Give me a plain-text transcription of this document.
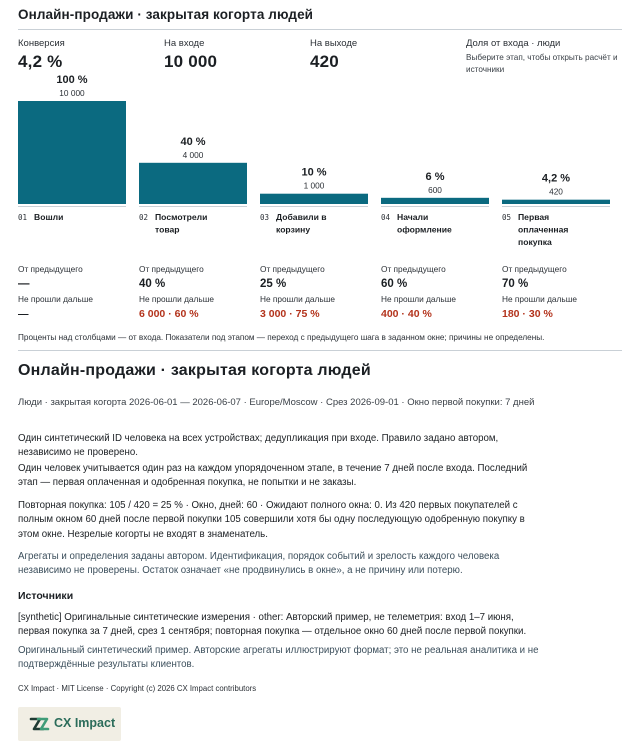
Онлайн-продажи · закрытая когорта людей
Конверсия
4,2 %
На входе
10 000
На выходе
420
Доля от входа · люди
Выберите этап, чтобы открыть расчёт и источники
100 %
10 000
01 Вошли
40 %
4 000
02 Посмотрели
товар
10 %
1 000
03 Добавили в
корзину
6 %
600
04 Начали
оформление
4,2 %
420
05 Первая
оплаченная
покупка
От предыдущего
—
Не прошли дальше
—
От предыдущего
40 %
Не прошли дальше
6 000 · 60 %
От предыдущего
25 %
Не прошли дальше
3 000 · 75 %
От предыдущего
60 %
Не прошли дальше
400 · 40 %
От предыдущего
70 %
Не прошли дальше
180 · 30 %
Проценты над столбцами — от входа. Показатели под этапом — переход с предыдущего шага в заданном окне; причины не определены.
Онлайн-продажи · закрытая когорта людей
Люди · закрытая когорта 2026-06-01 — 2026-06-07 · Europe/Moscow · Срез 2026-09-01 · Окно первой покупки: 7 дней
Один синтетический ID человека на всех устройствах; дедупликация при входе. Правило задано автором, независимо не проверено.
Один человек учитывается один раз на каждом упорядоченном этапе, в течение 7 дней после входа. Последний этап — первая оплаченная и одобренная покупка, не попытки и не заказы.
Повторная покупка: 105 / 420 = 25 % · Окно, дней: 60 · Ожидают полного окна: 0. Из 420 первых покупателей с полным окном 60 дней после первой покупки 105 совершили хотя бы одну последующую одобренную покупку в этом окне. Незрелые когорты не входят в знаменатель.
Агрегаты и определения заданы автором. Идентификация, порядок событий и зрелость каждого человека независимо не проверены. Остаток означает «не продвинулись в окне», а не причину или потерю.
Источники
[synthetic] Оригинальные синтетические измерения · other: Авторский пример, не телеметрия: вход 1–7 июня, первая покупка за 7 дней, срез 1 сентября; повторная покупка — отдельное окно 60 дней после первой покупки.
Оригинальный синтетический пример. Авторские агрегаты иллюстрируют формат; это не реальная аналитика и не подтверждённые результаты клиентов.
CX Impact · MIT License · Copyright (c) 2026 CX Impact contributors
CX Impact
